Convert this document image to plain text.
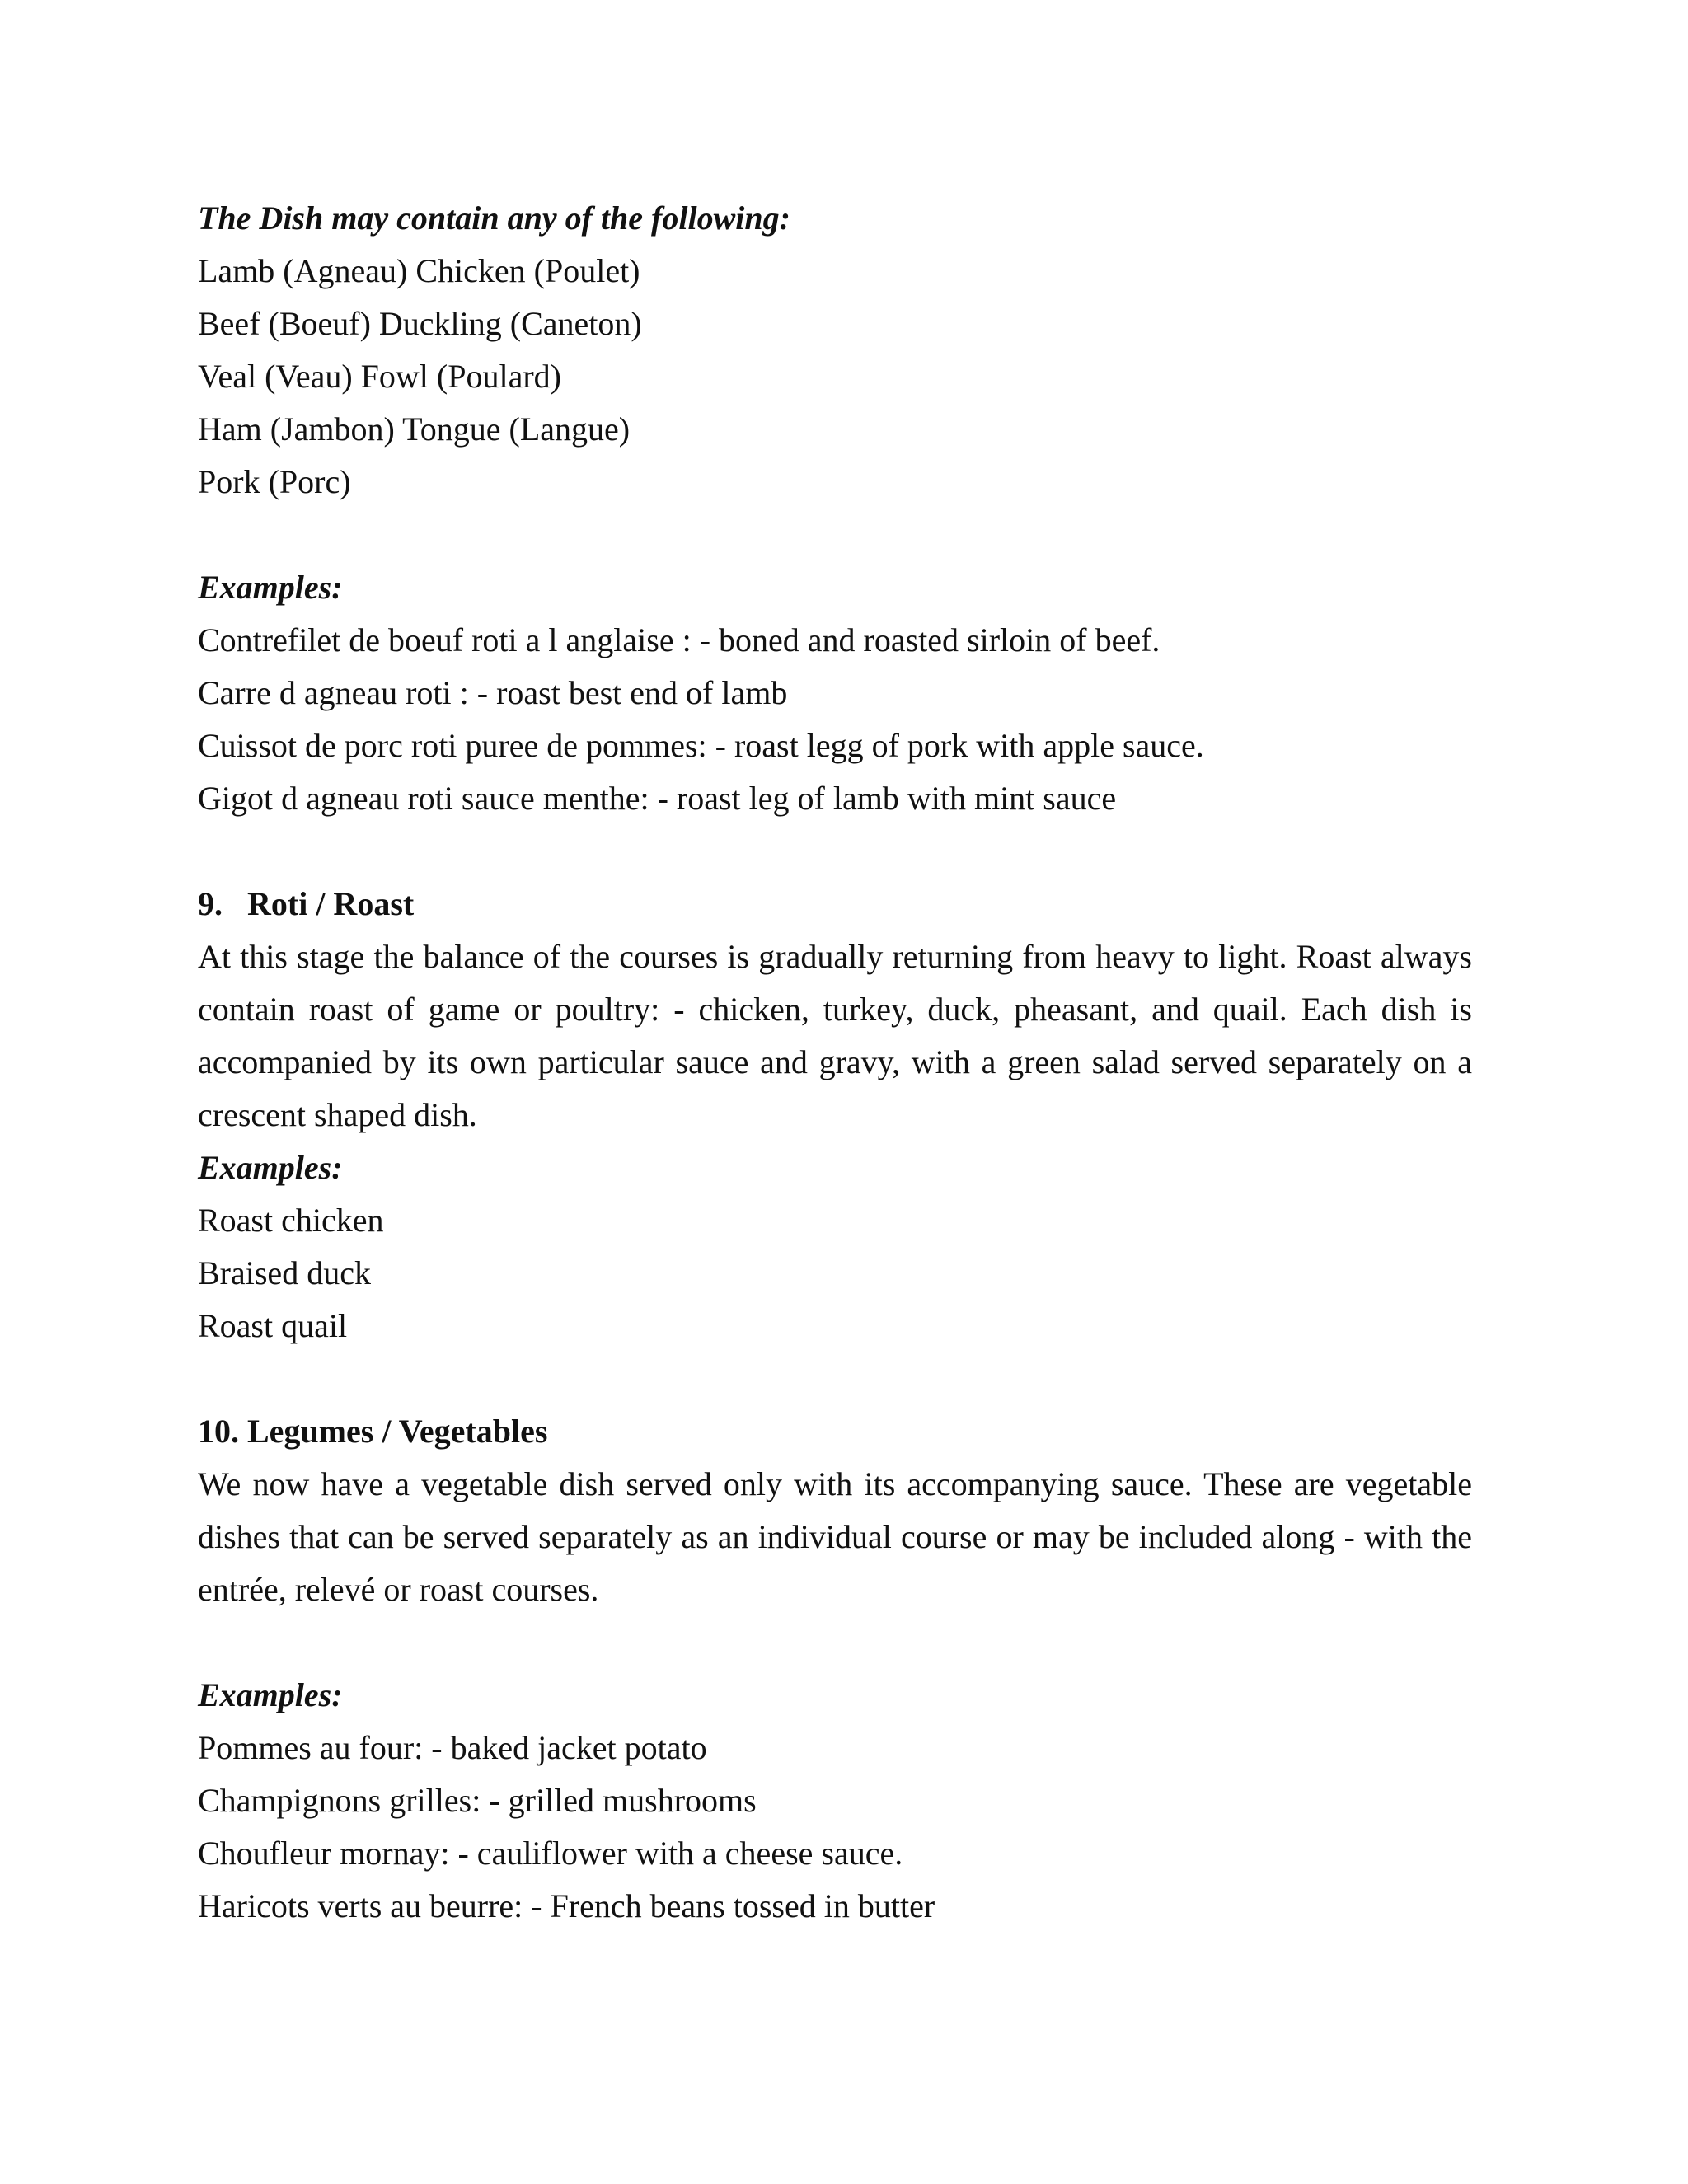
The Dish may contain any of the following:
Lamb (Agneau) Chicken (Poulet)
Beef (Boeuf) Duckling (Caneton)
Veal (Veau) Fowl (Poulard)
Ham (Jambon) Tongue (Langue)
Pork (Porc)
Examples:
Contrefilet de boeuf roti a l anglaise : - boned and roasted sirloin of beef.
Carre d agneau roti : - roast best end of lamb
Cuissot de porc roti puree de pommes: - roast legg of pork with apple sauce.
Gigot d agneau roti sauce menthe: - roast leg of lamb with mint sauce
9. Roti / Roast
At this stage the balance of the courses is gradually returning from heavy to light. Roast always contain roast of game or poultry: - chicken, turkey, duck, pheasant, and quail. Each dish is accompanied by its own particular sauce and gravy, with a green salad served separately on a crescent shaped dish.
Examples:
Roast chicken
Braised duck
Roast quail
10. Legumes / Vegetables
We now have a vegetable dish served only with its accompanying sauce. These are vegetable dishes that can be served separately as an individual course or may be included along - with the entrée, relevé or roast courses.
Examples:
Pommes au four: - baked jacket potato
Champignons grilles: - grilled mushrooms
Choufleur mornay: - cauliflower with a cheese sauce.
Haricots verts au beurre: - French beans tossed in butter
